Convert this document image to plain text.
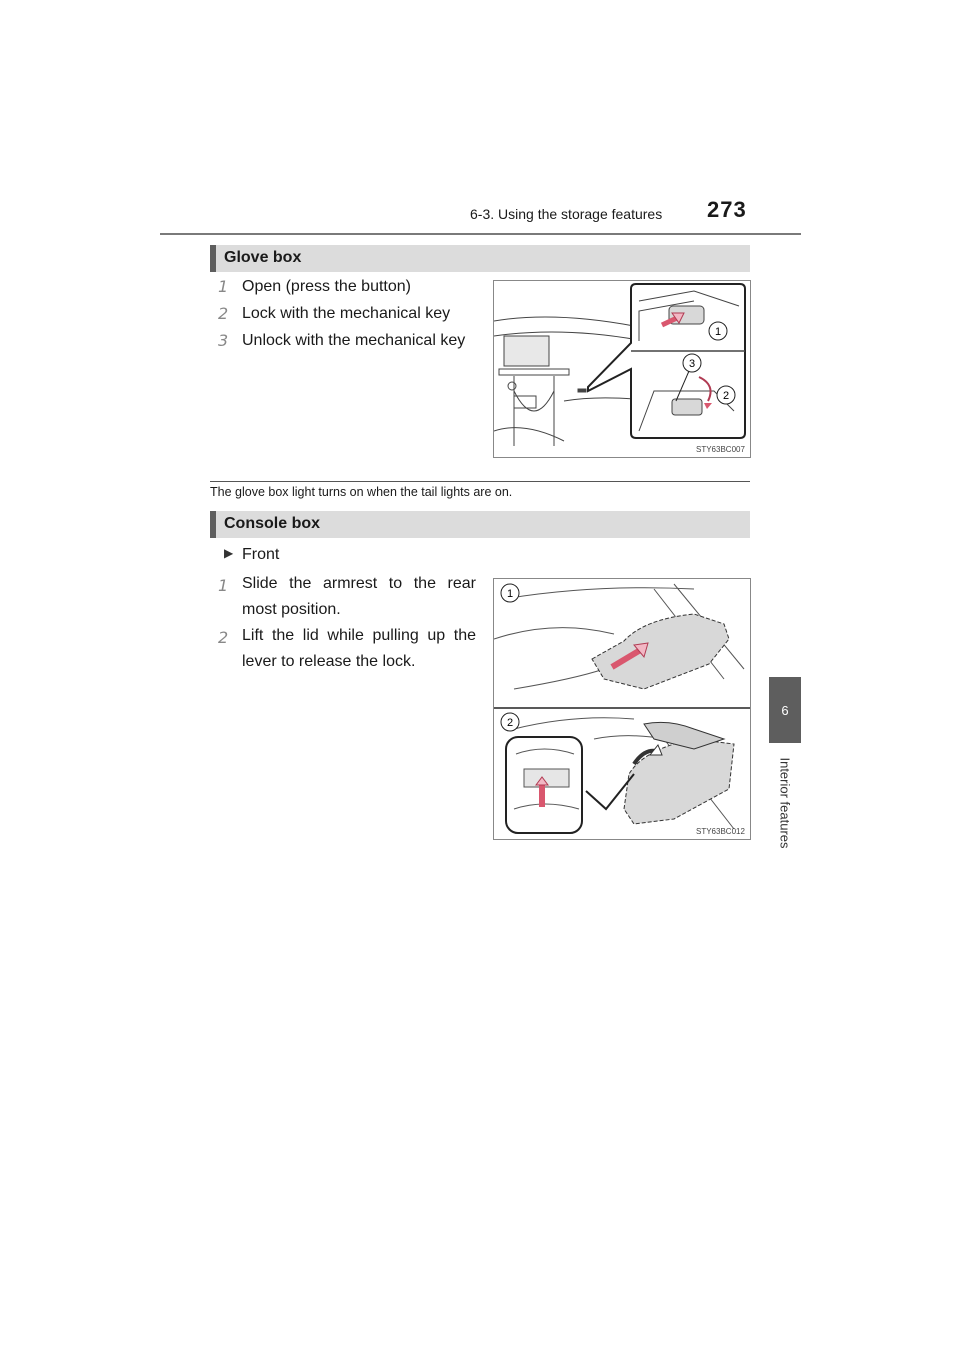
6-3. Using the storage features 273
6
Interior features
Glove box
1 Open (press the button)
2 Lock with the mechanical key
3 Unlock with the mechanical key	1
2
3
STY63BC007
The glove box light turns on when the tail lights are on.
Console box
▶ Front
1 Slide the armrest to the rear most position.
2 Lift the lid while pulling up the lever to release the lock.
1
2
STY63BC012
